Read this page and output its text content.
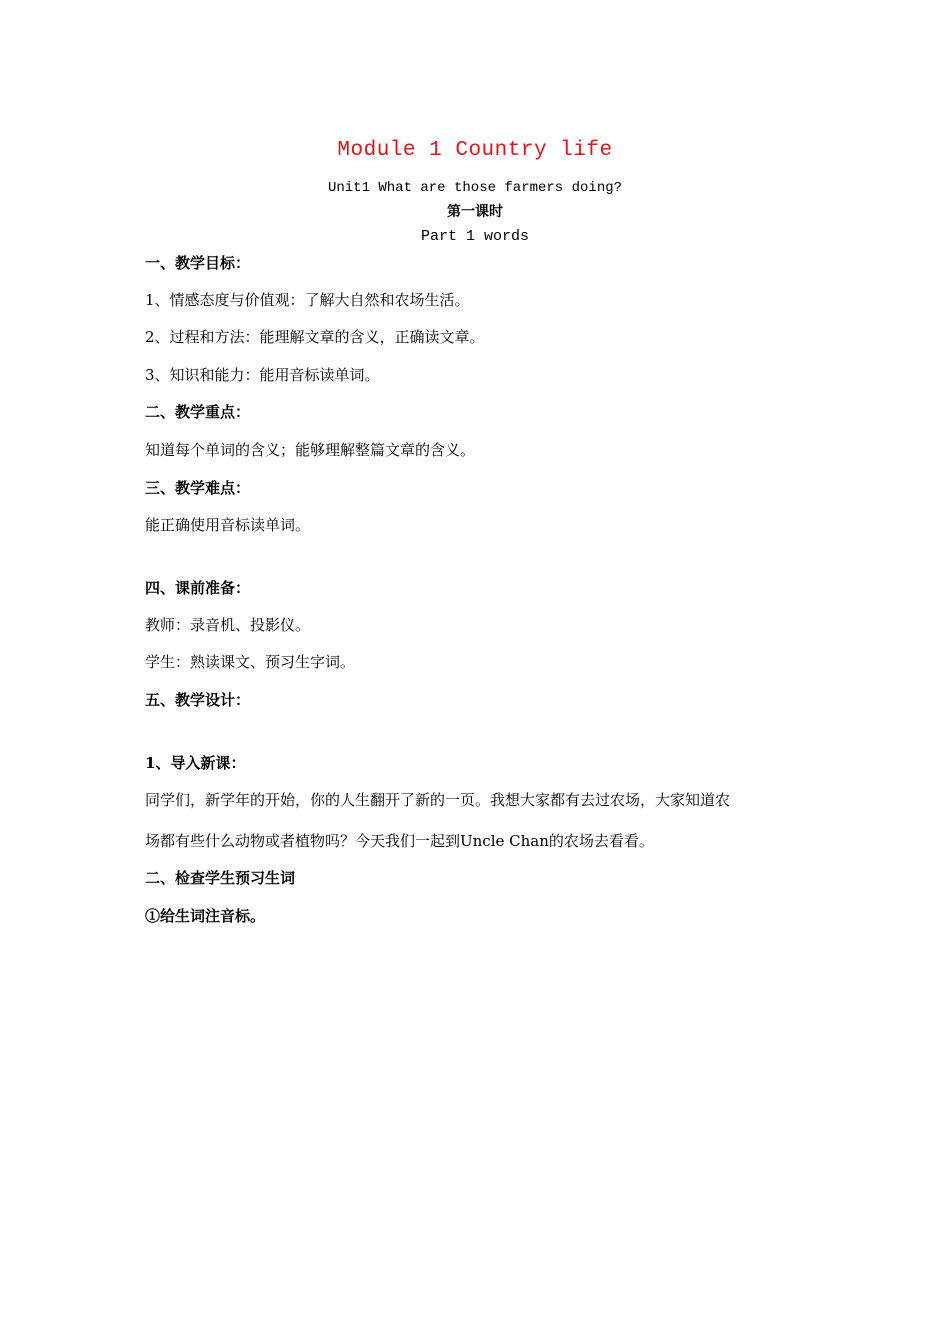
Module 1 Country life
Unit1 What are those farmers doing?
第一课时
Part 1 words
一、教学目标：
1、情感态度与价值观：了解大自然和农场生活。
2、过程和方法：能理解文章的含义，正确读文章。
3、知识和能力：能用音标读单词。
二、教学重点：
知道每个单词的含义；能够理解整篇文章的含义。
三、教学难点：
能正确使用音标读单词。
四、课前准备：
教师：录音机、投影仪。
学生：熟读课文、预习生字词。
五、教学设计：
1、导入新课：
同学们，新学年的开始，你的人生翻开了新的一页。我想大家都有去过农场，大家知道农
场都有些什么动物或者植物吗？今天我们一起到Uncle Chan的农场去看看。
二、检查学生预习生词
①给生词注音标。
